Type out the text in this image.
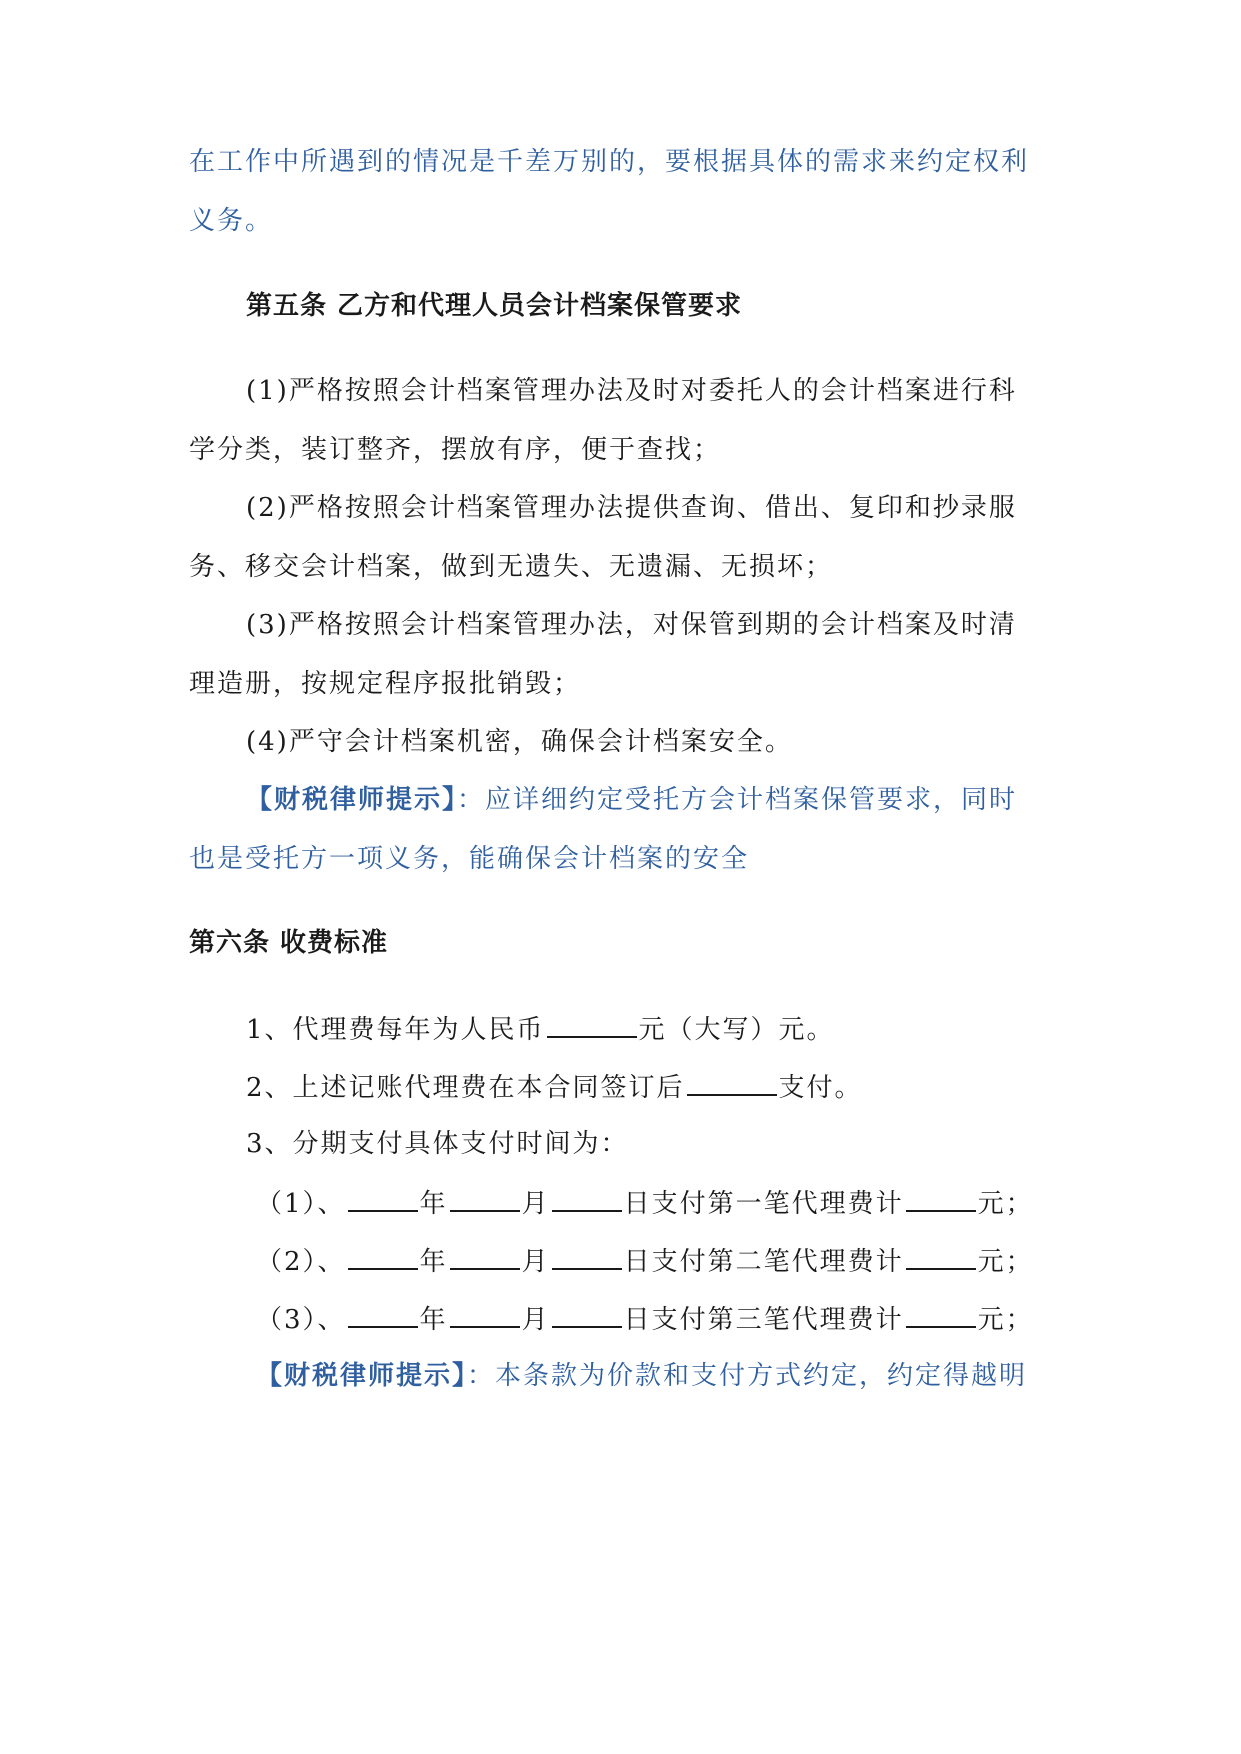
在工作中所遇到的情况是千差万别的，要根据具体的需求来约定权利
义务。
第五条 乙方和代理人员会计档案保管要求
(1)严格按照会计档案管理办法及时对委托人的会计档案进行科
学分类，装订整齐，摆放有序，便于查找；
(2)严格按照会计档案管理办法提供查询、借出、复印和抄录服
务、移交会计档案，做到无遗失、无遗漏、无损坏；
(3)严格按照会计档案管理办法，对保管到期的会计档案及时清
理造册，按规定程序报批销毁；
(4)严守会计档案机密，确保会计档案安全。
【财税律师提示】：应详细约定受托方会计档案保管要求，同时
也是受托方一项义务，能确保会计档案的安全
第六条 收费标准
1、代理费每年为人民币	元（大写）元。
2、上述记账代理费在本合同签订后	支付。
3、分期支付具体支付时间为：
（1）、	年	月	日支付第一笔代理费计	元；
（2）、	年	月	日支付第二笔代理费计	元；
（3）、	年	月	日支付第三笔代理费计	元；
【财税律师提示】：本条款为价款和支付方式约定，约定得越明
